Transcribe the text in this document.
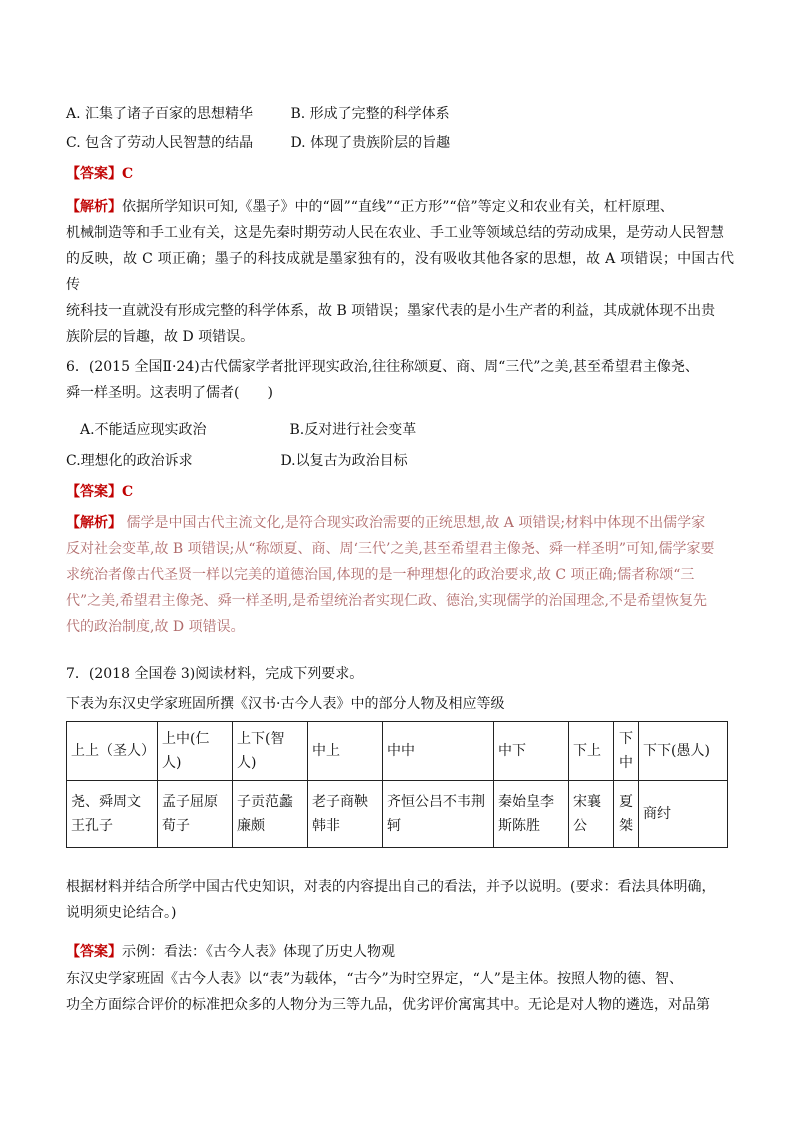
A. 汇集了诸子百家的思想精华	B. 形成了完整的科学体系
C. 包含了劳动人民智慧的结晶	D. 体现了贵族阶层的旨趣
【答案】C
【解析】依据所学知识可知,《墨子》中的“圆”“直线”“正方形”“倍”等定义和农业有关，杠杆原理、
机械制造等和手工业有关，这是先秦时期劳动人民在农业、手工业等领域总结的劳动成果，是劳动人民智慧
的反映，故 C 项正确；墨子的科技成就是墨家独有的，没有吸收其他各家的思想，故 A 项错误；中国古代传
统科技一直就没有形成完整的科学体系，故 B 项错误；墨家代表的是小生产者的利益，其成就体现不出贵
族阶层的旨趣，故 D 项错误。
6．(2015 全国Ⅱ·24)古代儒家学者批评现实政治,往往称颂夏、商、周“三代”之美,甚至希望君主像尧、
舜一样圣明。这表明了儒者(　　)
A.不能适应现实政治	B.反对进行社会变革
C.理想化的政治诉求	D.以复古为政治目标
【答案】C
【解析】 儒学是中国古代主流文化,是符合现实政治需要的正统思想,故 A 项错误;材料中体现不出儒学家
反对社会变革,故 B 项错误;从“称颂夏、商、周‘三代’之美,甚至希望君主像尧、舜一样圣明”可知,儒学家要
求统治者像古代圣贤一样以完美的道德治国,体现的是一种理想化的政治要求,故 C 项正确;儒者称颂“三
代”之美,希望君主像尧、舜一样圣明,是希望统治者实现仁政、德治,实现儒学的治国理念,不是希望恢复先
代的政治制度,故 D 项错误。
7．(2018 全国卷 3)阅读材料，完成下列要求。
下表为东汉史学家班固所撰《汉书·古今人表》中的部分人物及相应等级
上上（圣人）	上中(仁人)	上下(智人)	中上	中中	中下	下上	下中	下下(愚人)
尧、舜周文王孔子	孟子屈原荀子	子贡范蠡廉颇	老子商鞅韩非	齐恒公吕不韦荆轲	秦始皇李斯陈胜	宋襄公	夏桀	商纣
根据材料并结合所学中国古代史知识，对表的内容提出自己的看法，并予以说明。(要求：看法具体明确，
说明须史论结合。)
【答案】示例：看法：《古今人表》体现了历史人物观
东汉史学家班固《古今人表》以“表”为载体，“古今”为时空界定，“人”是主体。按照人物的德、智、
功全方面综合评价的标准把众多的人物分为三等九品，优劣评价寓寓其中。无论是对人物的遴选，对品第
